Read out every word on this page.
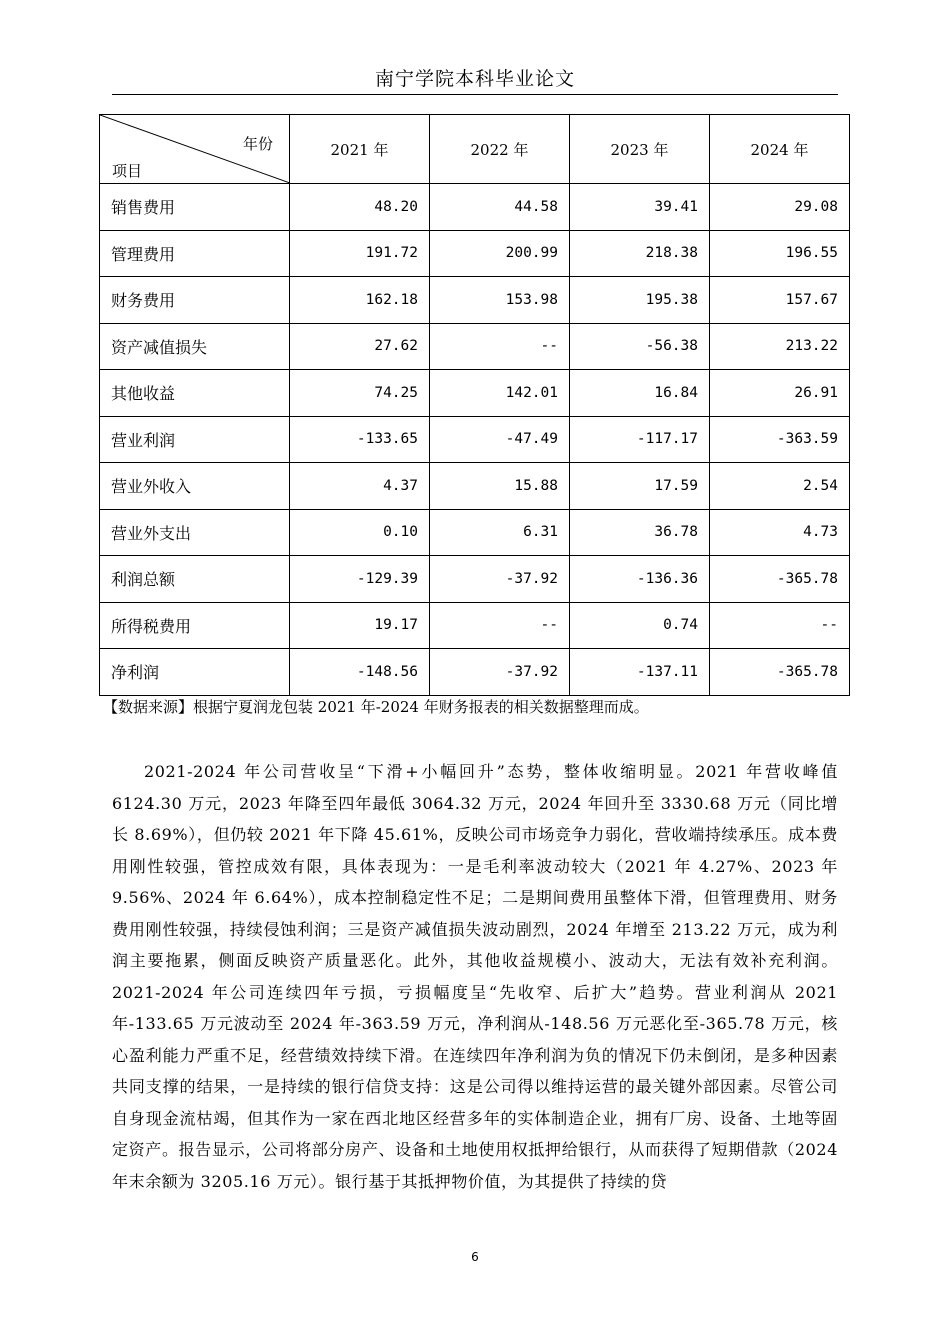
南宁学院本科毕业论文
年份
项目	2021 年	2022 年	2023 年	2024 年
销售费用	48.20	44.58	39.41	29.08
管理费用	191.72	200.99	218.38	196.55
财务费用	162.18	153.98	195.38	157.67
资产减值损失	27.62	--	-56.38	213.22
其他收益	74.25	142.01	16.84	26.91
营业利润	-133.65	-47.49	-117.17	-363.59
营业外收入	4.37	15.88	17.59	2.54
营业外支出	0.10	6.31	36.78	4.73
利润总额	-129.39	-37.92	-136.36	-365.78
所得税费用	19.17	--	0.74	--
净利润	-148.56	-37.92	-137.11	-365.78
【数据来源】根据宁夏润龙包装 2021 年-2024 年财务报表的相关数据整理而成。
2021-2024 年公司营收呈“下滑+小幅回升”态势，整体收缩明显。2021 年营收峰值 6124.30 万元，2023 年降至四年最低 3064.32 万元，2024 年回升至 3330.68 万元（同比增长 8.69%），但仍较 2021 年下降 45.61%，反映公司市场竞争力弱化，营收端持续承压。成本费用刚性较强，管控成效有限，具体表现为：一是毛利率波动较大（2021 年 4.27%、2023 年 9.56%、2024 年 6.64%），成本控制稳定性不足；二是期间费用虽整体下滑，但管理费用、财务费用刚性较强，持续侵蚀利润；三是资产减值损失波动剧烈，2024 年增至 213.22 万元，成为利润主要拖累，侧面反映资产质量恶化。此外，其他收益规模小、波动大，无法有效补充利润。2021-2024 年公司连续四年亏损，亏损幅度呈“先收窄、后扩大”趋势。营业利润从 2021 年-133.65 万元波动至 2024 年-363.59 万元，净利润从-148.56 万元恶化至-365.78 万元，核心盈利能力严重不足，经营绩效持续下滑。在连续四年净利润为负的情况下仍未倒闭，是多种因素共同支撑的结果，一是持续的银行信贷支持：这是公司得以维持运营的最关键外部因素。尽管公司自身现金流枯竭，但其作为一家在西北地区经营多年的实体制造企业，拥有厂房、设备、土地等固定资产。报告显示，公司将部分房产、设备和土地使用权抵押给银行，从而获得了短期借款（2024 年末余额为 3205.16 万元）。银行基于其抵押物价值，为其提供了持续的贷
6
